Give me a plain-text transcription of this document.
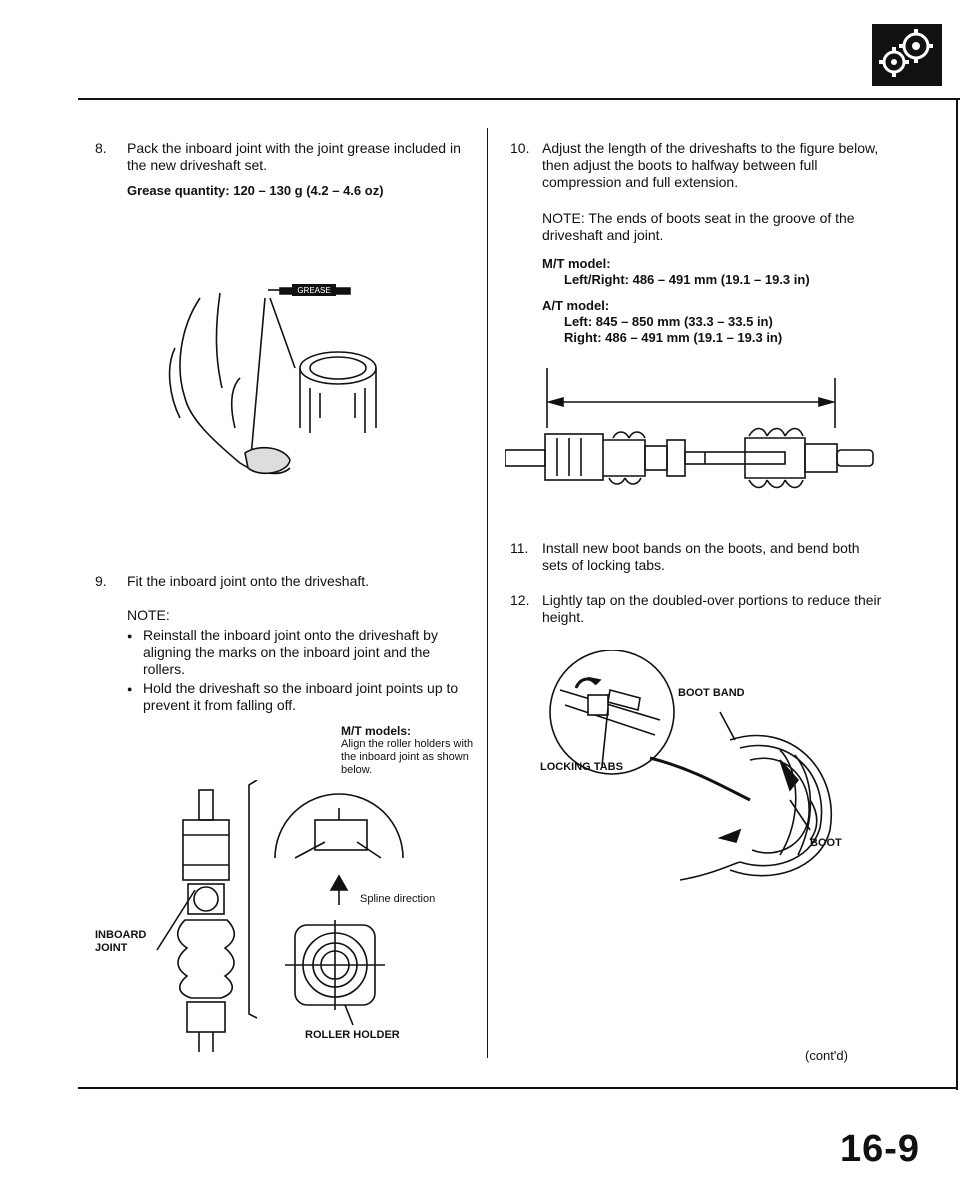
8. Pack the inboard joint with the joint grease included in the new driveshaft set.
Grease quantity: 120 – 130 g (4.2 – 4.6 oz)
GREASE
9. Fit the inboard joint onto the driveshaft.
NOTE:
● Reinstall the inboard joint onto the driveshaft by aligning the marks on the inboard joint and the rollers.
● Hold the driveshaft so the inboard joint points up to prevent it from falling off.
M/T models:
Align the roller holders with the inboard joint as shown below.
Spline direction
INBOARD
JOINT
ROLLER HOLDER
10. Adjust the length of the driveshafts to the figure below, then adjust the boots to halfway between full compression and full extension.
NOTE: The ends of boots seat in the groove of the driveshaft and joint.
M/T model:
Left/Right: 486 – 491 mm (19.1 – 19.3 in)
A/T model:
Left: 845 – 850 mm (33.3 – 33.5 in)
Right: 486 – 491 mm (19.1 – 19.3 in)
11. Install new boot bands on the boots, and bend both sets of locking tabs.
12. Lightly tap on the doubled-over portions to reduce their height.
BOOT BAND
LOCKING TABS
BOOT
(cont'd)
16-9
